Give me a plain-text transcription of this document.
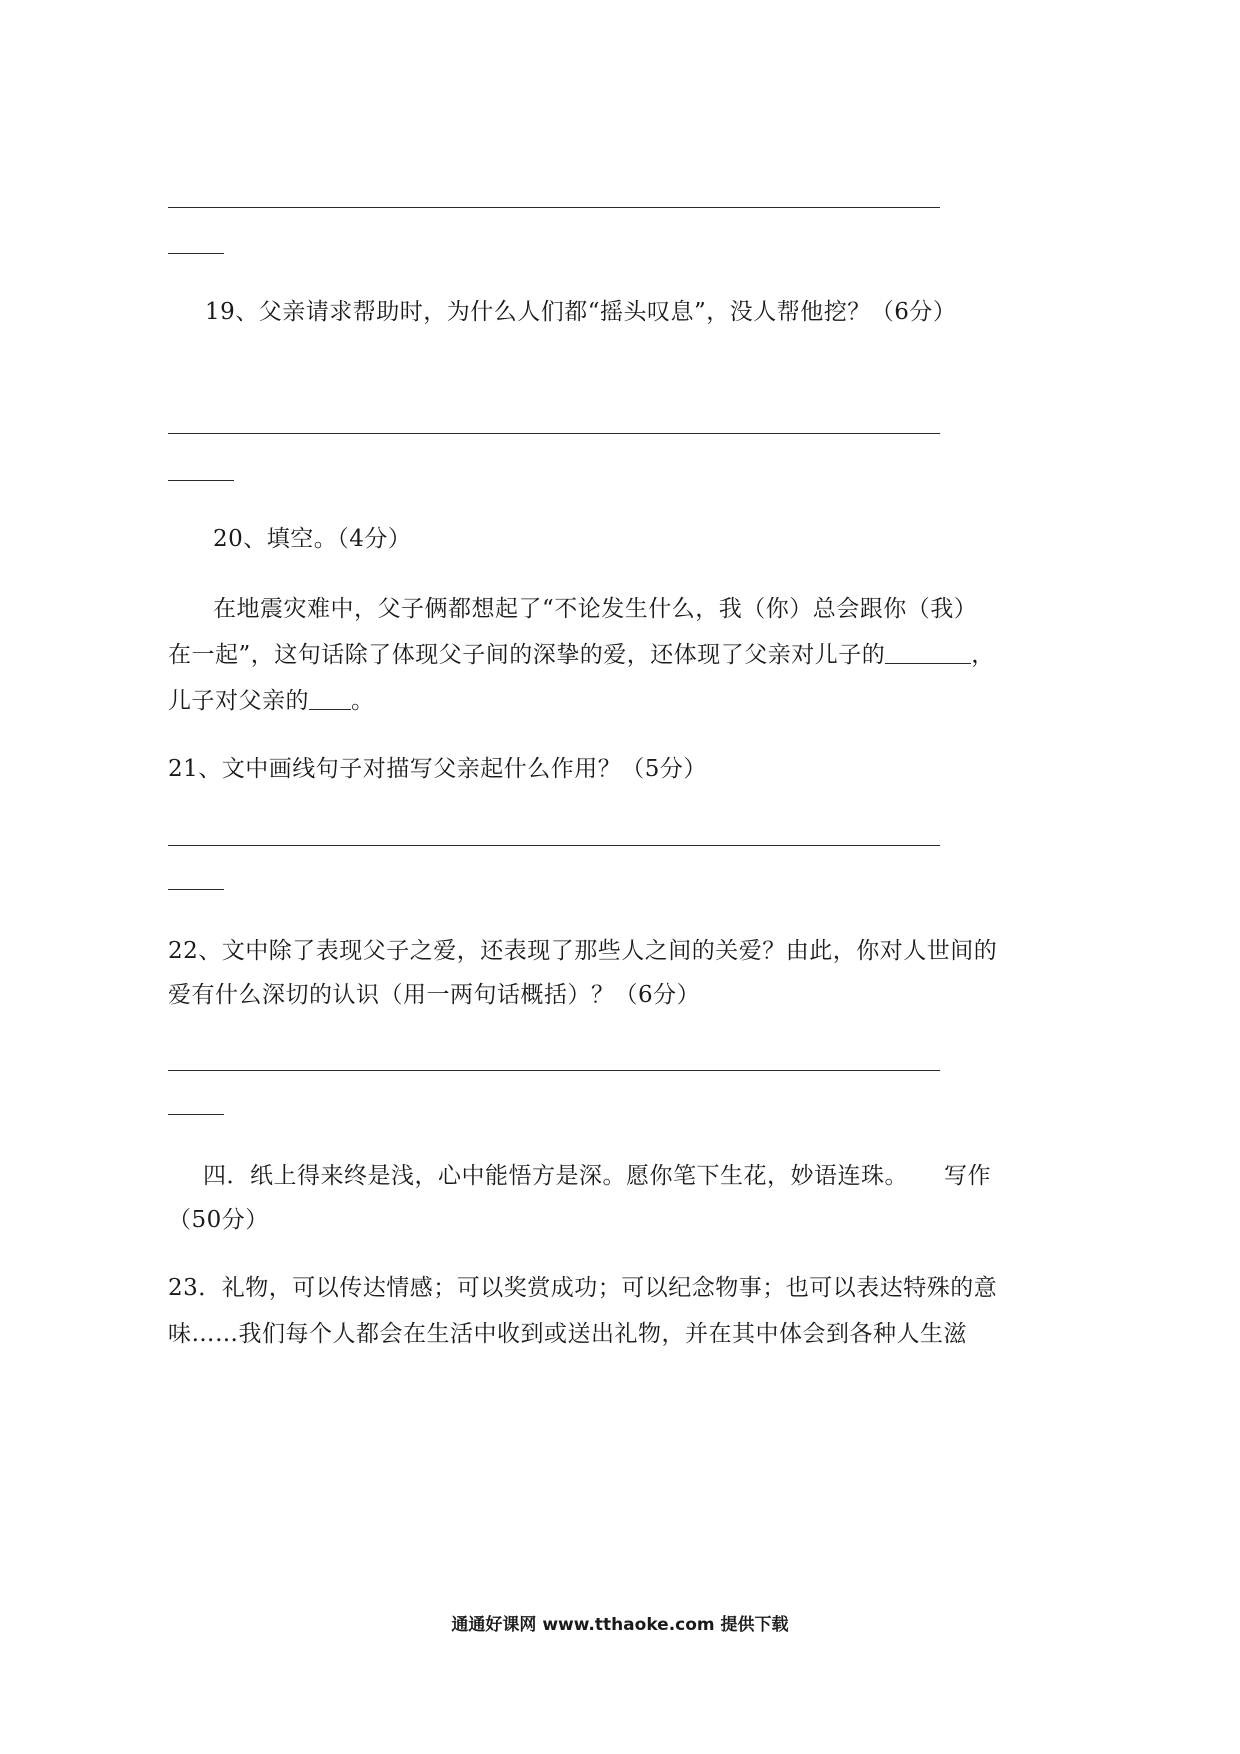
19、父亲请求帮助时，为什么人们都“摇头叹息”，没人帮他挖？（6分）
20、填空。（4分）
在地震灾难中，父子俩都想起了“不论发生什么，我（你）总会跟你（我）
在一起”，这句话除了体现父子间的深挚的爱，还体现了父亲对儿子的	，
儿子对父亲的 。
21、文中画线句子对描写父亲起什么作用？（5分）
22、文中除了表现父子之爱，还表现了那些人之间的关爱？由此，你对人世间的
爱有什么深切的认识（用一两句话概括）？（6分）
四．纸上得来终是浅，心中能悟方是深。愿你笔下生花，妙语连珠。 写作
（50分）
23．礼物，可以传达情感；可以奖赏成功；可以纪念物事；也可以表达特殊的意
味……我们每个人都会在生活中收到或送出礼物，并在其中体会到各种人生滋
通通好课网 www.tthaoke.com 提供下载
